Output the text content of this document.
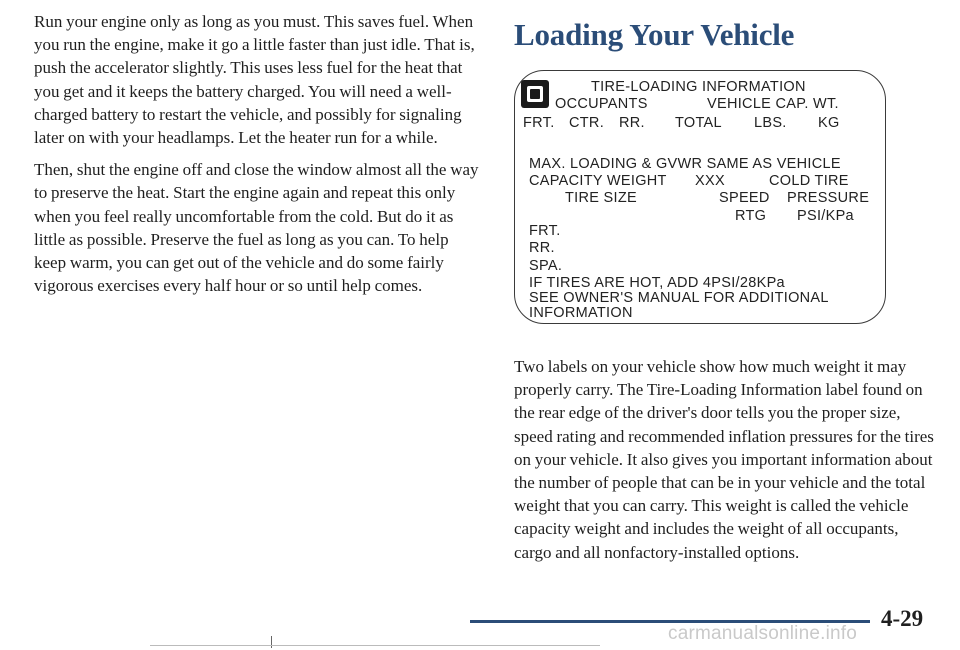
Run your engine only as long as you must. This saves fuel. When you run the engine, make it go a little faster than just idle. That is, push the accelerator slightly. This uses less fuel for the heat that you get and it keeps the battery charged. You will need a well-charged battery to restart the vehicle, and possibly for signaling later on with your headlamps. Let the heater run for a while.

Then, shut the engine off and close the window almost all the way to preserve the heat. Start the engine again and repeat this only when you feel really uncomfortable from the cold. But do it as little as possible. Preserve the fuel as long as you can. To help keep warm, you can get out of the vehicle and do some fairly vigorous exercises every half hour or so until help comes.

Loading Your Vehicle
TIRE-LOADING INFORMATION
OCCUPANTS	VEHICLE CAP. WT.
FRT. CTR. RR. TOTAL LBS. KG
MAX. LOADING & GVWR SAME AS VEHICLE
CAPACITY WEIGHT XXX	COLD TIRE
TIRE SIZE	SPEED PRESSURE
RTG PSI/KPa
FRT.
RR.
SPA.
IF TIRES ARE HOT, ADD 4PSI/28KPa
SEE OWNER'S MANUAL FOR ADDITIONAL
INFORMATION

Two labels on your vehicle show how much weight it may properly carry. The Tire-Loading Information label found on the rear edge of the driver's door tells you the proper size, speed rating and recommended inflation pressures for the tires on your vehicle. It also gives you important information about the number of people that can be in your vehicle and the total weight that you can carry. This weight is called the vehicle capacity weight and includes the weight of all occupants, cargo and all nonfactory-installed options.

4-29

carmanualsonline.info
